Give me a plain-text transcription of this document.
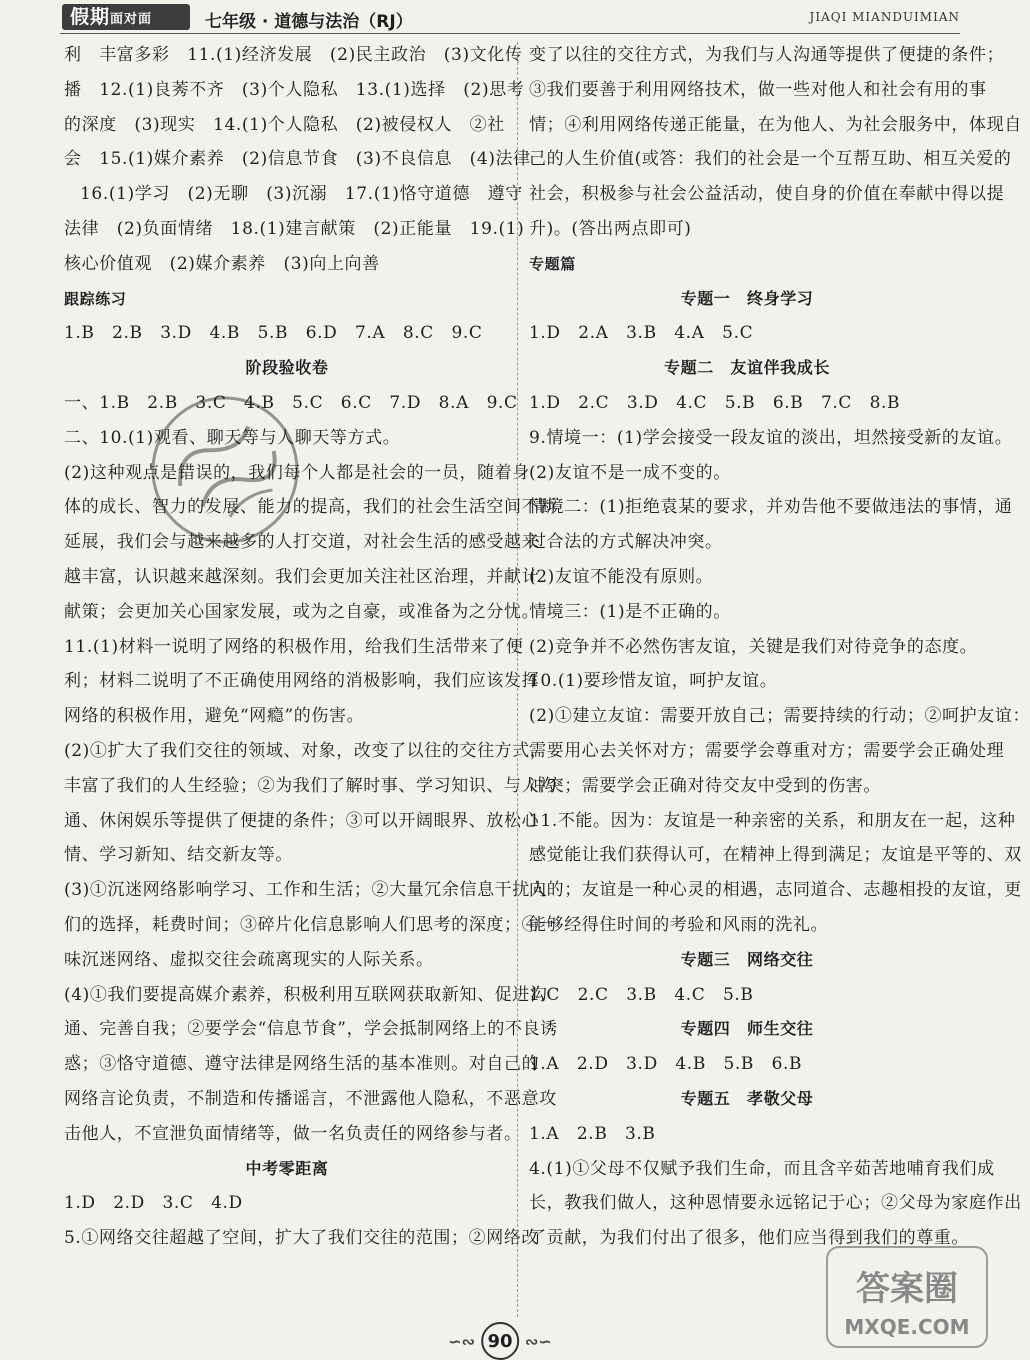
假期面对面	七年级 · 道德与法治（RJ）	JIAQI MIANDUIMIAN
利　丰富多彩　11.(1)经济发展　(2)民主政治　(3)文化传
播　12.(1)良莠不齐　(3)个人隐私　13.(1)选择　(2)思考
的深度　(3)现实　14.(1)个人隐私　(2)被侵权人　②社
会　15.(1)媒介素养　(2)信息节食　(3)不良信息　(4)法律
16.(1)学习　(2)无聊　(3)沉溺　17.(1)恪守道德　遵守
法律　(2)负面情绪　18.(1)建言献策　(2)正能量　19.(1)
核心价值观　(2)媒介素养　(3)向上向善
跟踪练习
1.B　2.B　3.D　4.B　5.B　6.D　7.A　8.C　9.C
阶段验收卷
一、1.B　2.B　3.C　4.B　5.C　6.C　7.D　8.A　9.C
二、10.(1)观看、聊天等与人聊天等方式。
(2)这种观点是错误的，我们每个人都是社会的一员，随着身
体的成长、智力的发展、能力的提高，我们的社会生活空间不断
延展，我们会与越来越多的人打交道，对社会生活的感受越来
越丰富，认识越来越深刻。我们会更加关注社区治理，并献计
献策；会更加关心国家发展，或为之自豪，或准备为之分忧。
11.(1)材料一说明了网络的积极作用，给我们生活带来了便
利；材料二说明了不正确使用网络的消极影响，我们应该发挥
网络的积极作用，避免“网瘾”的伤害。
(2)①扩大了我们交往的领域、对象，改变了以往的交往方式，
丰富了我们的人生经验；②为我们了解时事、学习知识、与人沟
通、休闲娱乐等提供了便捷的条件；③可以开阔眼界、放松心
情、学习新知、结交新友等。
(3)①沉迷网络影响学习、工作和生活；②大量冗余信息干扰人
们的选择，耗费时间；③碎片化信息影响人们思考的深度；④一
味沉迷网络、虚拟交往会疏离现实的人际关系。
(4)①我们要提高媒介素养，积极利用互联网获取新知、促进沟
通、完善自我；②要学会“信息节食”，学会抵制网络上的不良诱
惑；③恪守道德、遵守法律是网络生活的基本准则。对自己的
网络言论负责，不制造和传播谣言，不泄露他人隐私，不恶意攻
击他人，不宣泄负面情绪等，做一名负责任的网络参与者。
中考零距离
1.D　2.D　3.C　4.D
5.①网络交往超越了空间，扩大了我们交往的范围；②网络改
变了以往的交往方式，为我们与人沟通等提供了便捷的条件；
③我们要善于利用网络技术，做一些对他人和社会有用的事
情；④利用网络传递正能量，在为他人、为社会服务中，体现自
己的人生价值(或答：我们的社会是一个互帮互助、相互关爱的
社会，积极参与社会公益活动，使自身的价值在奉献中得以提
升)。(答出两点即可)
专题篇
专题一　终身学习
1.D　2.A　3.B　4.A　5.C
专题二　友谊伴我成长
1.D　2.C　3.D　4.C　5.B　6.B　7.C　8.B
9.情境一：(1)学会接受一段友谊的淡出，坦然接受新的友谊。
(2)友谊不是一成不变的。
情境二：(1)拒绝袁某的要求，并劝告他不要做违法的事情，通
过合法的方式解决冲突。
(2)友谊不能没有原则。
情境三：(1)是不正确的。
(2)竞争并不必然伤害友谊，关键是我们对待竞争的态度。
10.(1)要珍惜友谊，呵护友谊。
(2)①建立友谊：需要开放自己；需要持续的行动；②呵护友谊：
需要用心去关怀对方；需要学会尊重对方；需要学会正确处理
冲突；需要学会正确对待交友中受到的伤害。
11.不能。因为：友谊是一种亲密的关系，和朋友在一起，这种
感觉能让我们获得认可，在精神上得到满足；友谊是平等的、双
向的；友谊是一种心灵的相遇，志同道合、志趣相投的友谊，更
能够经得住时间的考验和风雨的洗礼。
专题三　网络交往
1.C　2.C　3.B　4.C　5.B
专题四　师生交往
1.A　2.D　3.D　4.B　5.B　6.B
专题五　孝敬父母
1.A　2.B　3.B
4.(1)①父母不仅赋予我们生命，而且含辛茹苦地哺育我们成
长，教我们做人，这种恩情要永远铭记于心；②父母为家庭作出
了贡献，为我们付出了很多，他们应当得到我们的尊重。
∽∾ 90 ∾∽
答案圈
MXQE.COM
